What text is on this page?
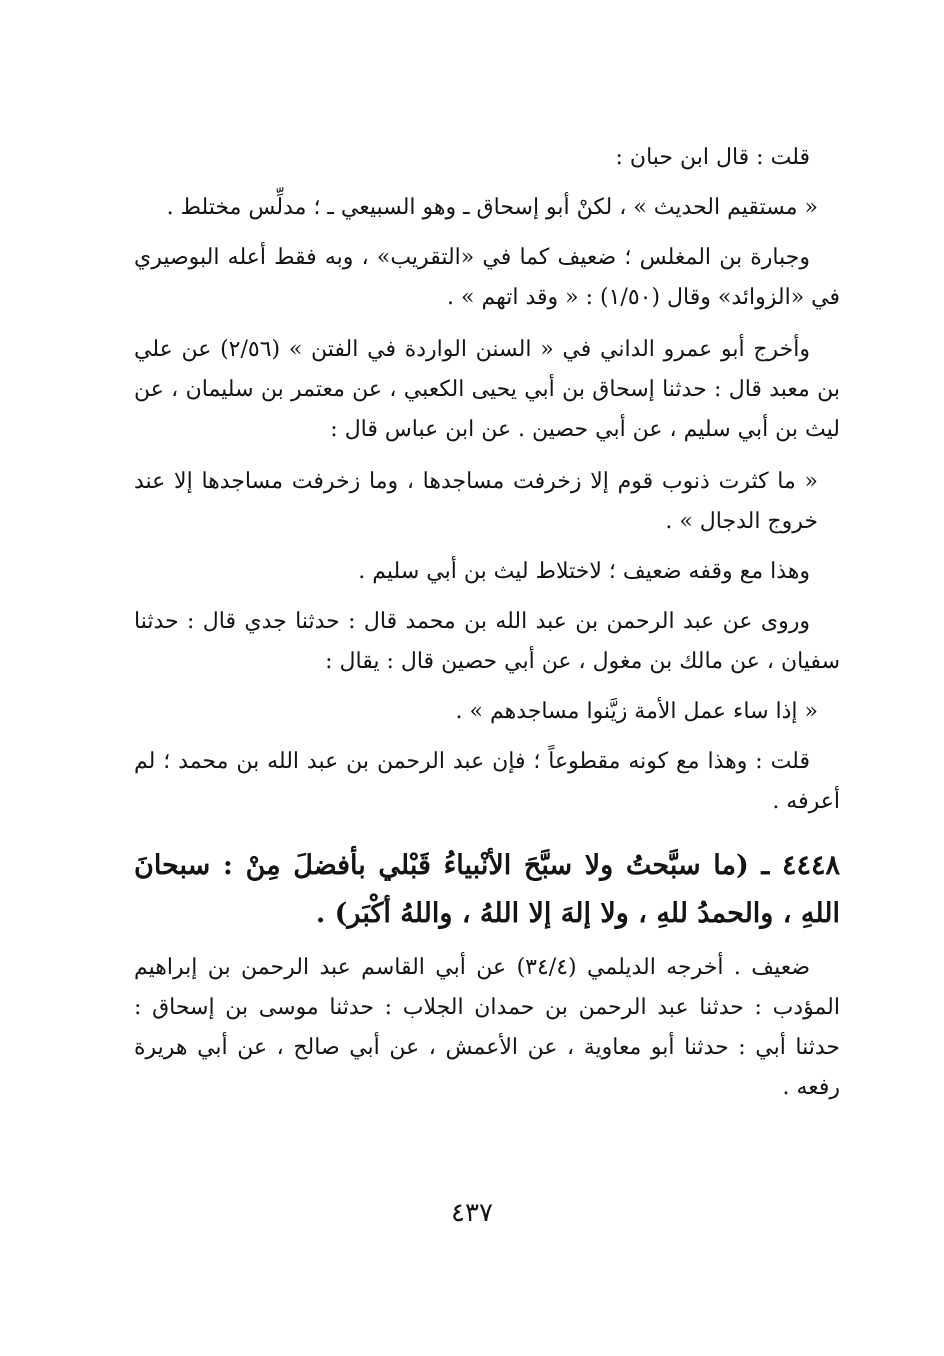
قلت : قال ابن حبان :

« مستقيم الحديث » ، لكنْ أبو إسحاق ـ وهو السبيعي ـ ؛ مدلِّس مختلط .

وجبارة بن المغلس ؛ ضعيف كما في «التقريب» ، وبه فقط أعله البوصيري في «الزوائد» وقال (١/٥٠) : « وقد اتهم » .

وأخرج أبو عمرو الداني في « السنن الواردة في الفتن » (٢/٥٦) عن علي بن معبد قال : حدثنا إسحاق بن أبي يحيى الكعبي ، عن معتمر بن سليمان ، عن ليث بن أبي سليم ، عن أبي حصين . عن ابن عباس قال :

« ما كثرت ذنوب قوم إلا زخرفت مساجدها ، وما زخرفت مساجدها إلا عند خروج الدجال » .

وهذا مع وقفه ضعيف ؛ لاختلاط ليث بن أبي سليم .

وروى عن عبد الرحمن بن عبد الله بن محمد قال : حدثنا جدي قال : حدثنا سفيان ، عن مالك بن مغول ، عن أبي حصين قال : يقال :

« إذا ساء عمل الأمة زيَّنوا مساجدهم » .

قلت : وهذا مع كونه مقطوعاً ؛ فإن عبد الرحمن بن عبد الله بن محمد ؛ لم أعرفه .

٤٤٤٨ ـ (ما سبَّحتُ ولا سبَّحَ الأنْبياءُ قَبْلي بأفضلَ مِنْ : سبحانَ اللهِ ، والحمدُ للهِ ، ولا إلهَ إلا اللهُ ، واللهُ أكْبَر) .

ضعيف . أخرجه الديلمي (٣٤/٤) عن أبي القاسم عبد الرحمن بن إبراهيم المؤدب : حدثنا عبد الرحمن بن حمدان الجلاب : حدثنا موسى بن إسحاق : حدثنا أبي : حدثنا أبو معاوية ، عن الأعمش ، عن أبي صالح ، عن أبي هريرة رفعه .

٤٣٧
